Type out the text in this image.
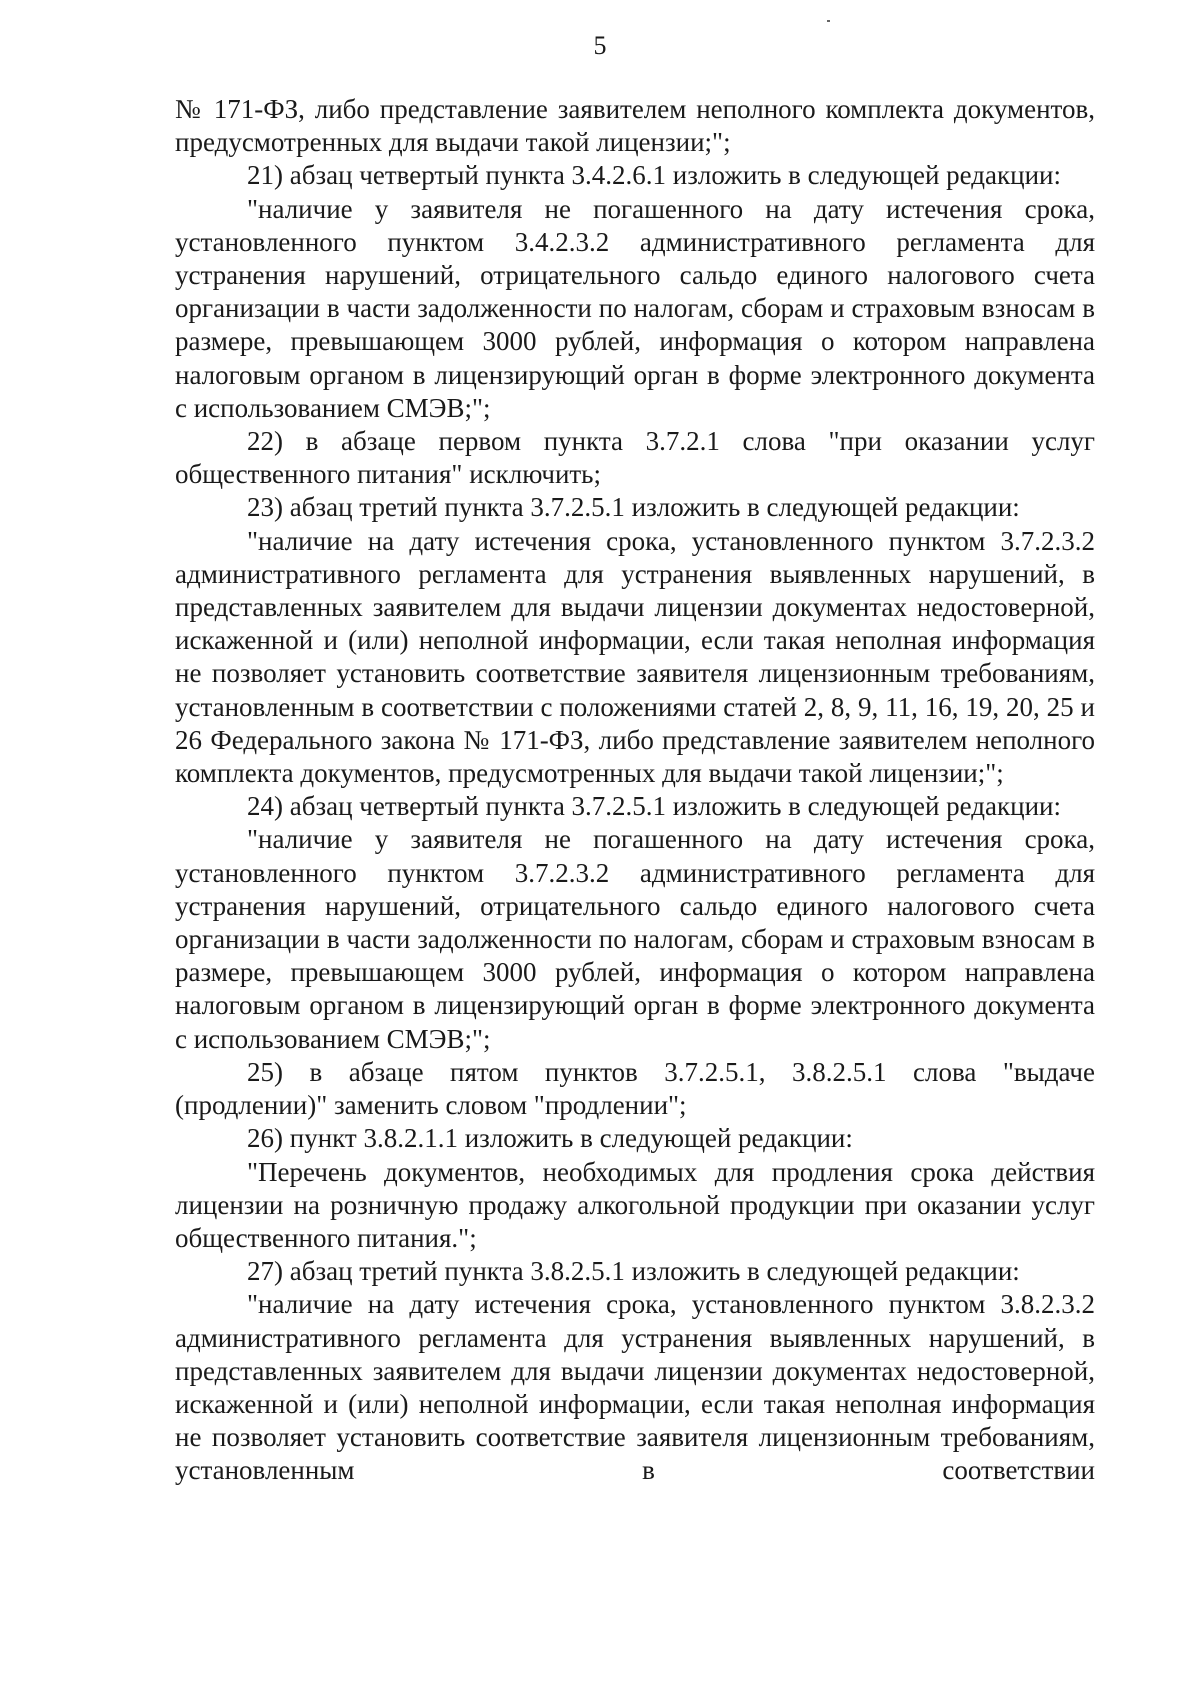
5

№ 171-ФЗ, либо представление заявителем неполного комплекта документов, предусмотренных для выдачи такой лицензии;";

21) абзац четвертый пункта 3.4.2.6.1 изложить в следующей редакции:

"наличие у заявителя не погашенного на дату истечения срока, установленного пунктом 3.4.2.3.2 административного регламента для устранения нарушений, отрицательного сальдо единого налогового счета организации в части задолженности по налогам, сборам и страховым взносам в размере, превышающем 3000 рублей, информация о котором направлена налоговым органом в лицензирующий орган в форме электронного документа с использованием СМЭВ;";

22) в абзаце первом пункта 3.7.2.1 слова "при оказании услуг общественного питания" исключить;

23) абзац третий пункта 3.7.2.5.1 изложить в следующей редакции:

"наличие на дату истечения срока, установленного пунктом 3.7.2.3.2 административного регламента для устранения выявленных нарушений, в представленных заявителем для выдачи лицензии документах недостоверной, искаженной и (или) неполной информации, если такая неполная информация не позволяет установить соответствие заявителя лицензионным требованиям, установленным в соответствии с положениями статей 2, 8, 9, 11, 16, 19, 20, 25 и 26 Федерального закона № 171-ФЗ, либо представление заявителем неполного комплекта документов, предусмотренных для выдачи такой лицензии;";

24) абзац четвертый пункта 3.7.2.5.1 изложить в следующей редакции:

"наличие у заявителя не погашенного на дату истечения срока, установленного пунктом 3.7.2.3.2 административного регламента для устранения нарушений, отрицательного сальдо единого налогового счета организации в части задолженности по налогам, сборам и страховым взносам в размере, превышающем 3000 рублей, информация о котором направлена налоговым органом в лицензирующий орган в форме электронного документа с использованием СМЭВ;";

25) в абзаце пятом пунктов 3.7.2.5.1, 3.8.2.5.1 слова "выдаче (продлении)" заменить словом "продлении";

26) пункт 3.8.2.1.1 изложить в следующей редакции:

"Перечень документов, необходимых для продления срока действия лицензии на розничную продажу алкогольной продукции при оказании услуг общественного питания.";

27) абзац третий пункта 3.8.2.5.1 изложить в следующей редакции:

"наличие на дату истечения срока, установленного пунктом 3.8.2.3.2 административного регламента для устранения выявленных нарушений, в представленных заявителем для выдачи лицензии документах недостоверной, искаженной и (или) неполной информации, если такая неполная информация не позволяет установить соответствие заявителя лицензионным требованиям, установленным в соответствии
